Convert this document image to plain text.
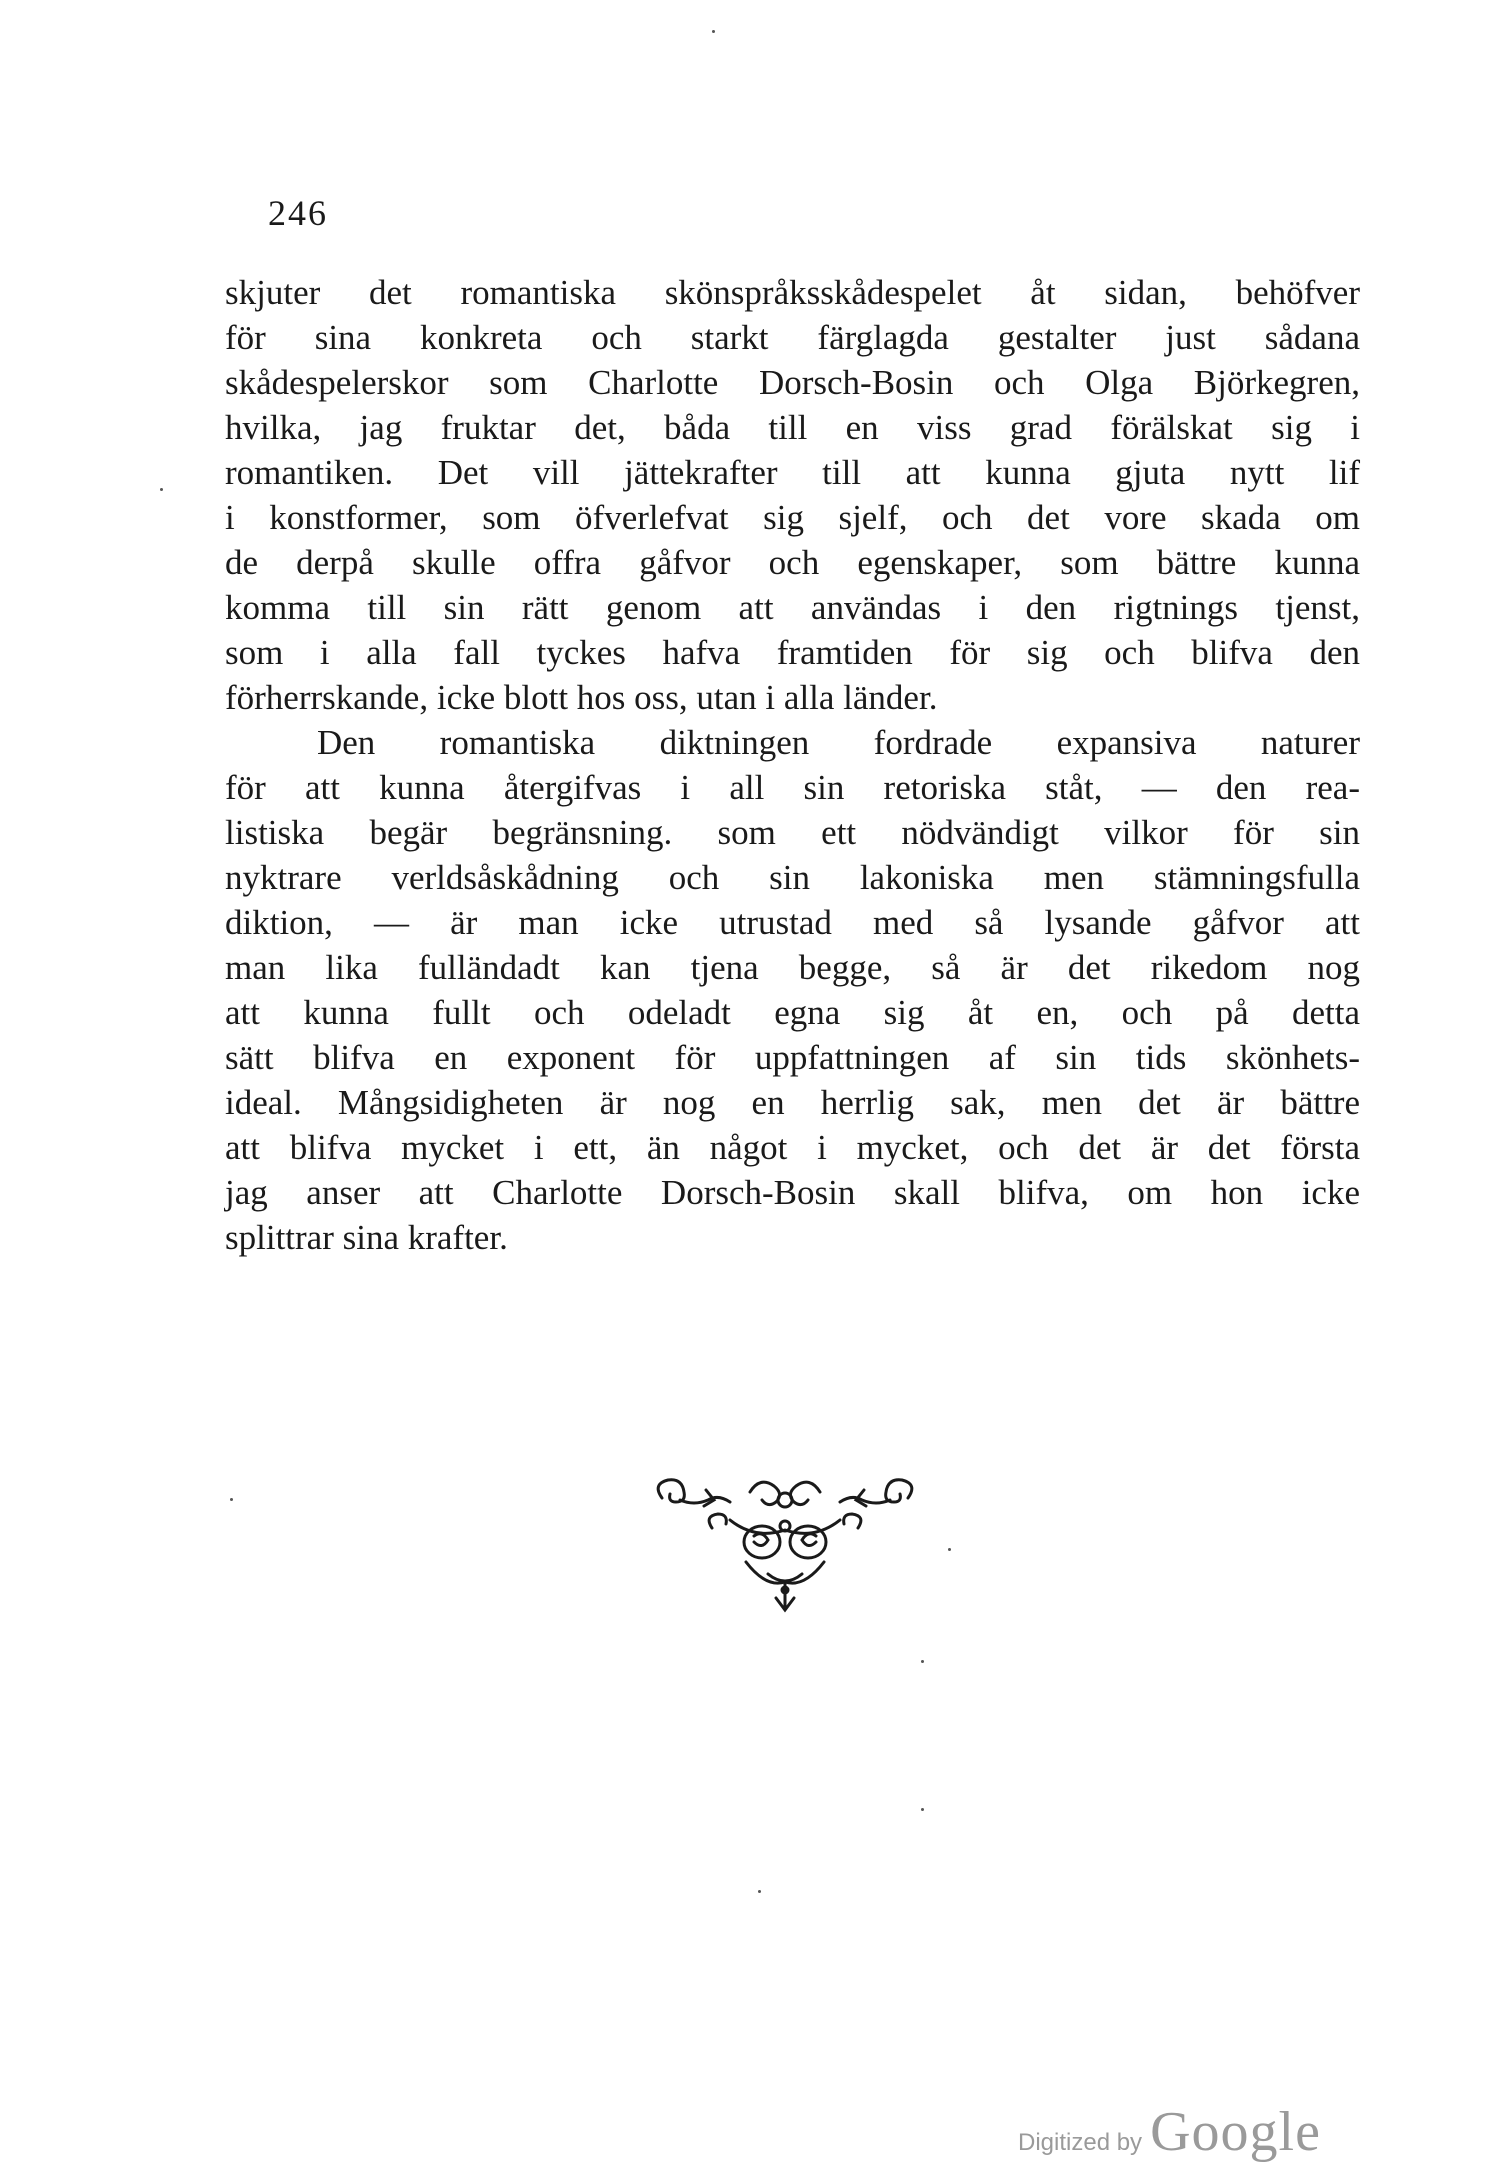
246
skjuter det romantiska skönspråksskådespelet åt sidan, behöfver
för sina konkreta och starkt färglagda gestalter just sådana
skådespelerskor som Charlotte Dorsch-Bosin och Olga Björkegren,
hvilka, jag fruktar det, båda till en viss grad förälskat sig i
romantiken. Det vill jättekrafter till att kunna gjuta nytt lif
i konstformer, som öfverlefvat sig sjelf, och det vore skada om
de derpå skulle offra gåfvor och egenskaper, som bättre kunna
komma till sin rätt genom att användas i den rigtnings tjenst,
som i alla fall tyckes hafva framtiden för sig och blifva den
förherrskande, icke blott hos oss, utan i alla länder.
Den romantiska diktningen fordrade expansiva naturer
för att kunna återgifvas i all sin retoriska ståt, — den rea-
listiska begär begränsning. som ett nödvändigt vilkor för sin
nyktrare verldsåskådning och sin lakoniska men stämningsfulla
diktion, — är man icke utrustad med så lysande gåfvor att
man lika fulländadt kan tjena begge, så är det rikedom nog
att kunna fullt och odeladt egna sig åt en, och på detta
sätt blifva en exponent för uppfattningen af sin tids skönhets-
ideal. Mångsidigheten är nog en herrlig sak, men det är bättre
att blifva mycket i ett, än något i mycket, och det är det första
jag anser att Charlotte Dorsch-Bosin skall blifva, om hon icke
splittrar sina krafter.
Digitized by Google
